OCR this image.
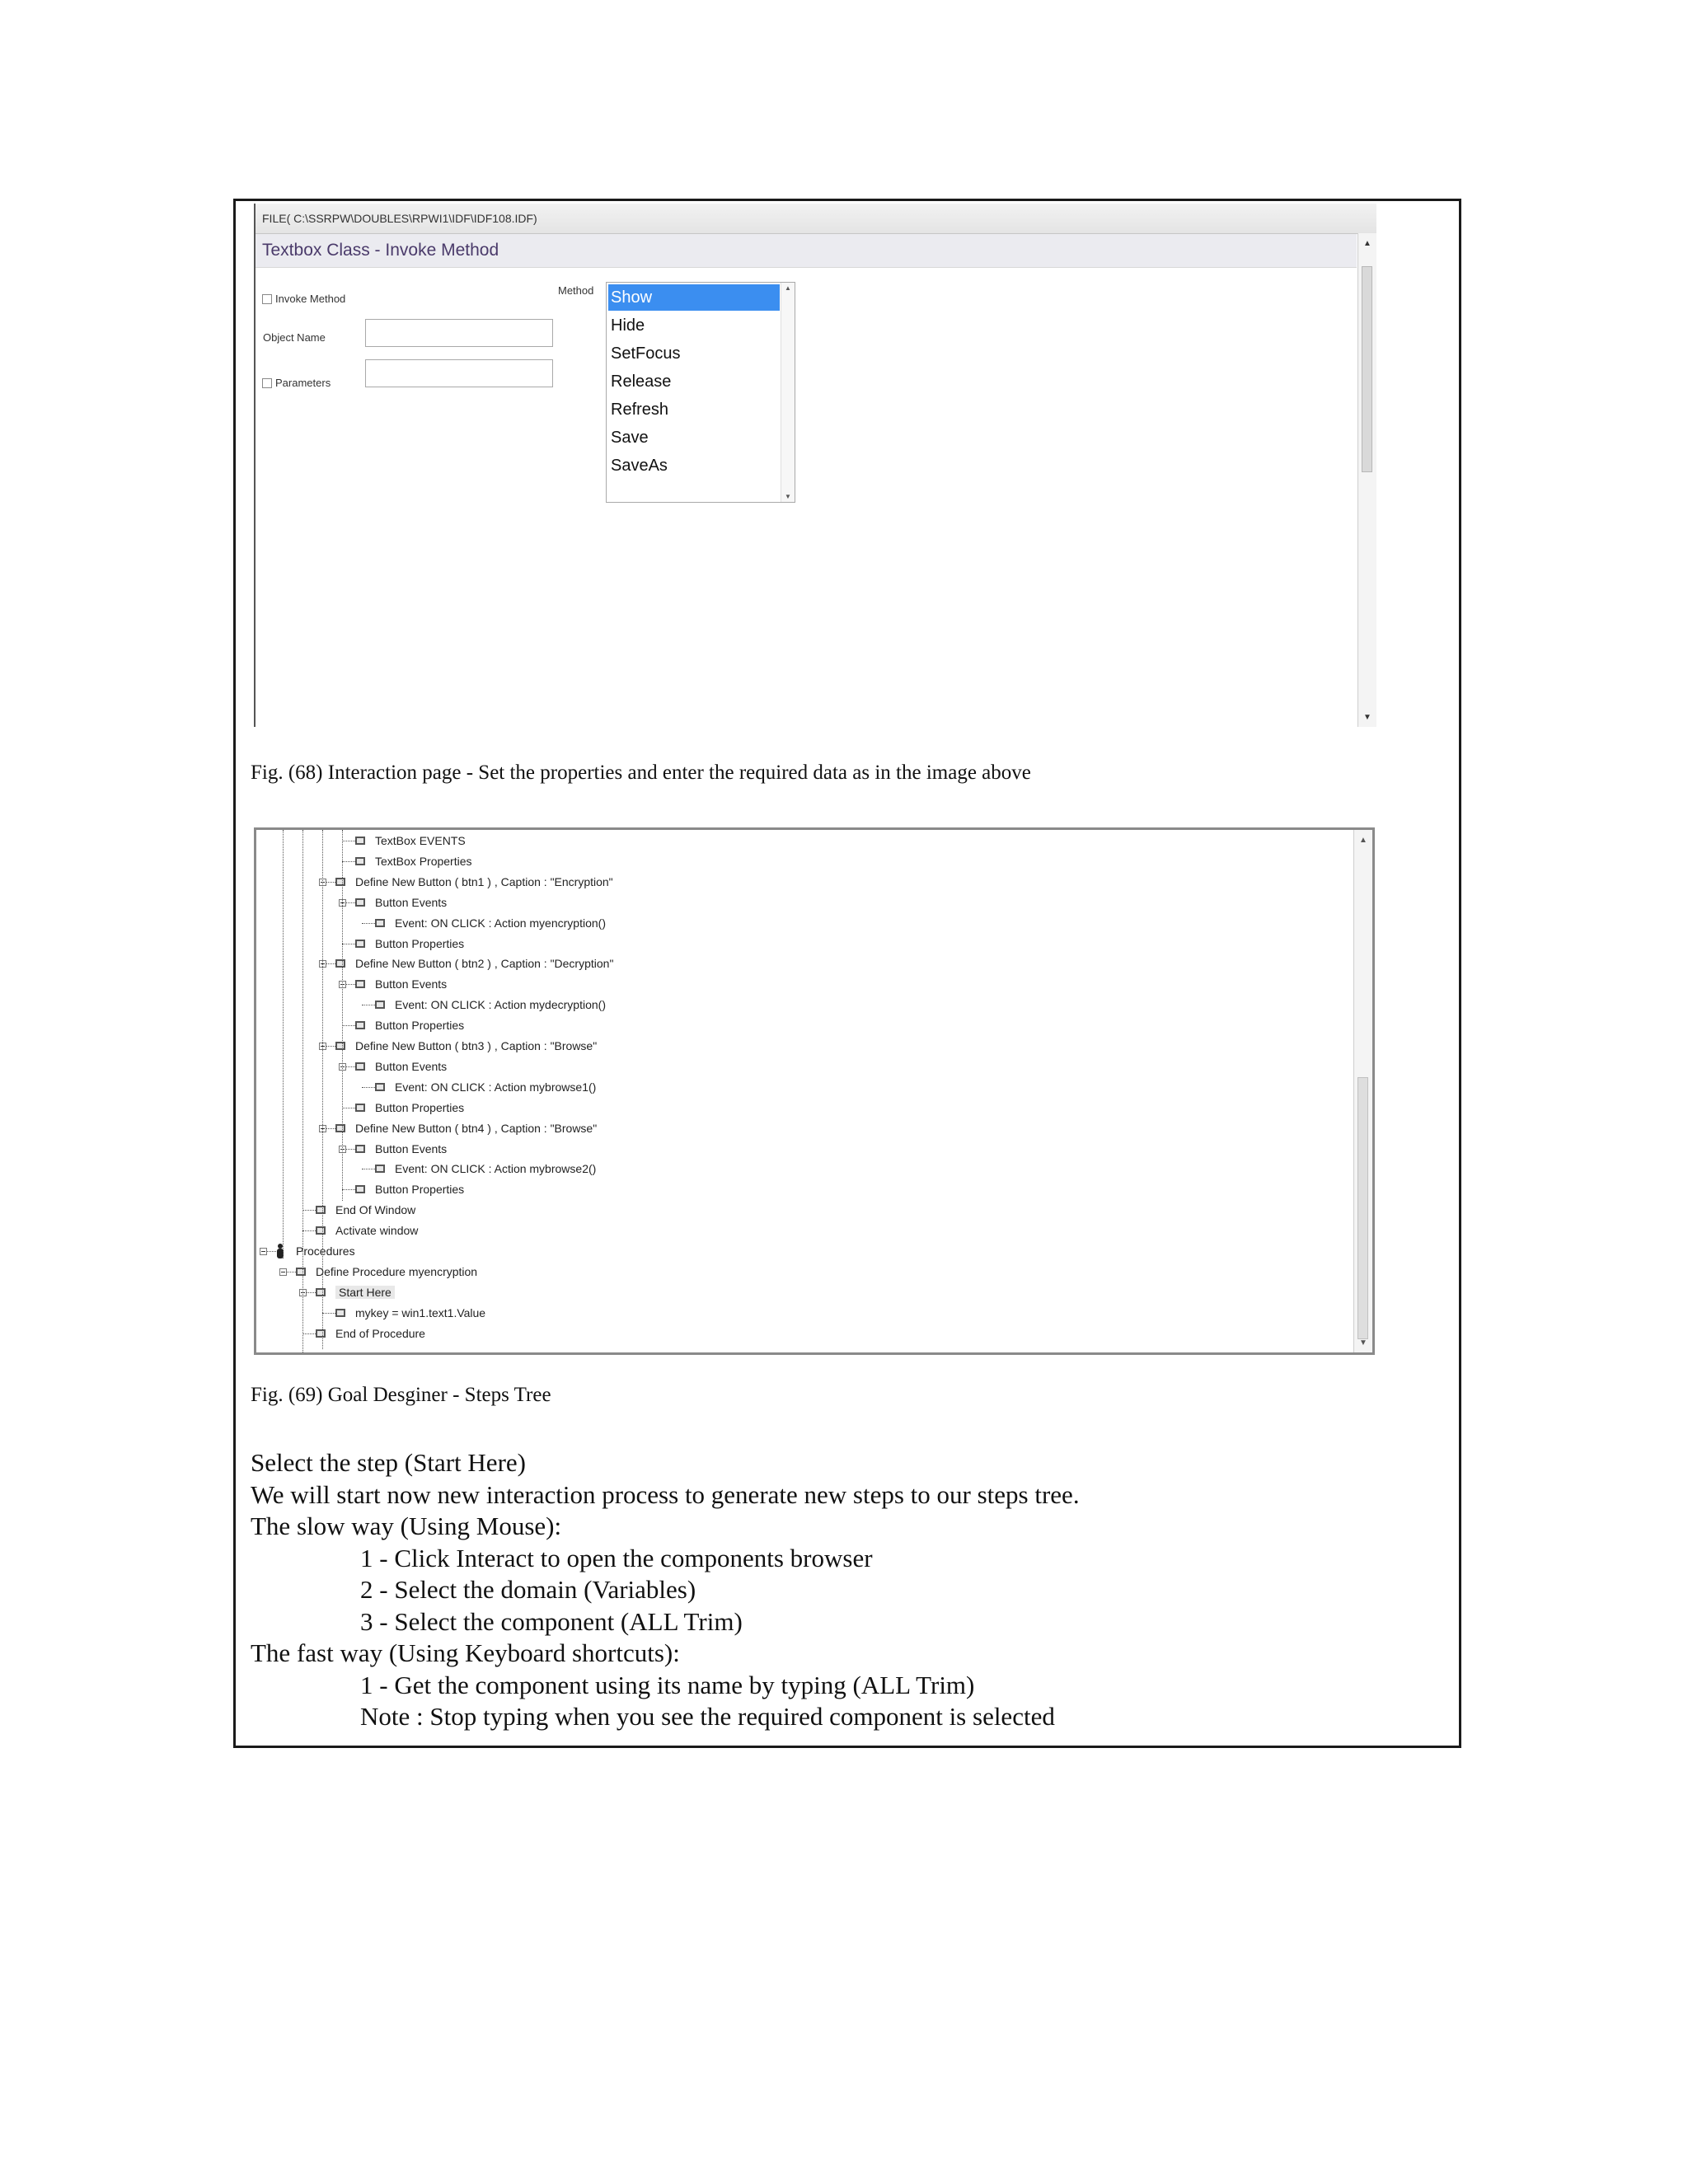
FILE( C:\SSRPW\DOUBLES\RPWI1\IDF\IDF108.IDF)
Textbox Class - Invoke Method
Invoke Method
Object Name
Parameters
Method Show
Hide
SetFocus
Release
Refresh
Save
SaveAs
▲
▼
▲
▼
Fig. (68) Interaction page - Set the properties and enter the required data as in the image above
TextBox EVENTS
TextBox Properties
Define New Button ( btn1 ) , Caption : "Encryption"
Button Events
Event: ON CLICK : Action myencryption()
Button Properties
Define New Button ( btn2 ) , Caption : "Decryption"
Button Events
Event: ON CLICK : Action mydecryption()
Button Properties
Define New Button ( btn3 ) , Caption : "Browse"
Button Events
Event: ON CLICK : Action mybrowse1()
Button Properties
Define New Button ( btn4 ) , Caption : "Browse"
Button Events
Event: ON CLICK : Action mybrowse2()
Button Properties
End Of Window
Activate window
Procedures
Define Procedure myencryption
Start Here
mykey = win1.text1.Value
End of Procedure
▲
▼
Fig. (69) Goal Desginer - Steps Tree
Select the step (Start Here)
We will start now new interaction process to generate new steps to our steps tree.
The slow way (Using Mouse):
1 - Click Interact to open the components browser
2 - Select the domain (Variables)
3 - Select the component (ALL Trim)
The fast way (Using Keyboard shortcuts):
1 - Get the component using its name by typing (ALL Trim)
Note : Stop typing when you see the required component is selected
